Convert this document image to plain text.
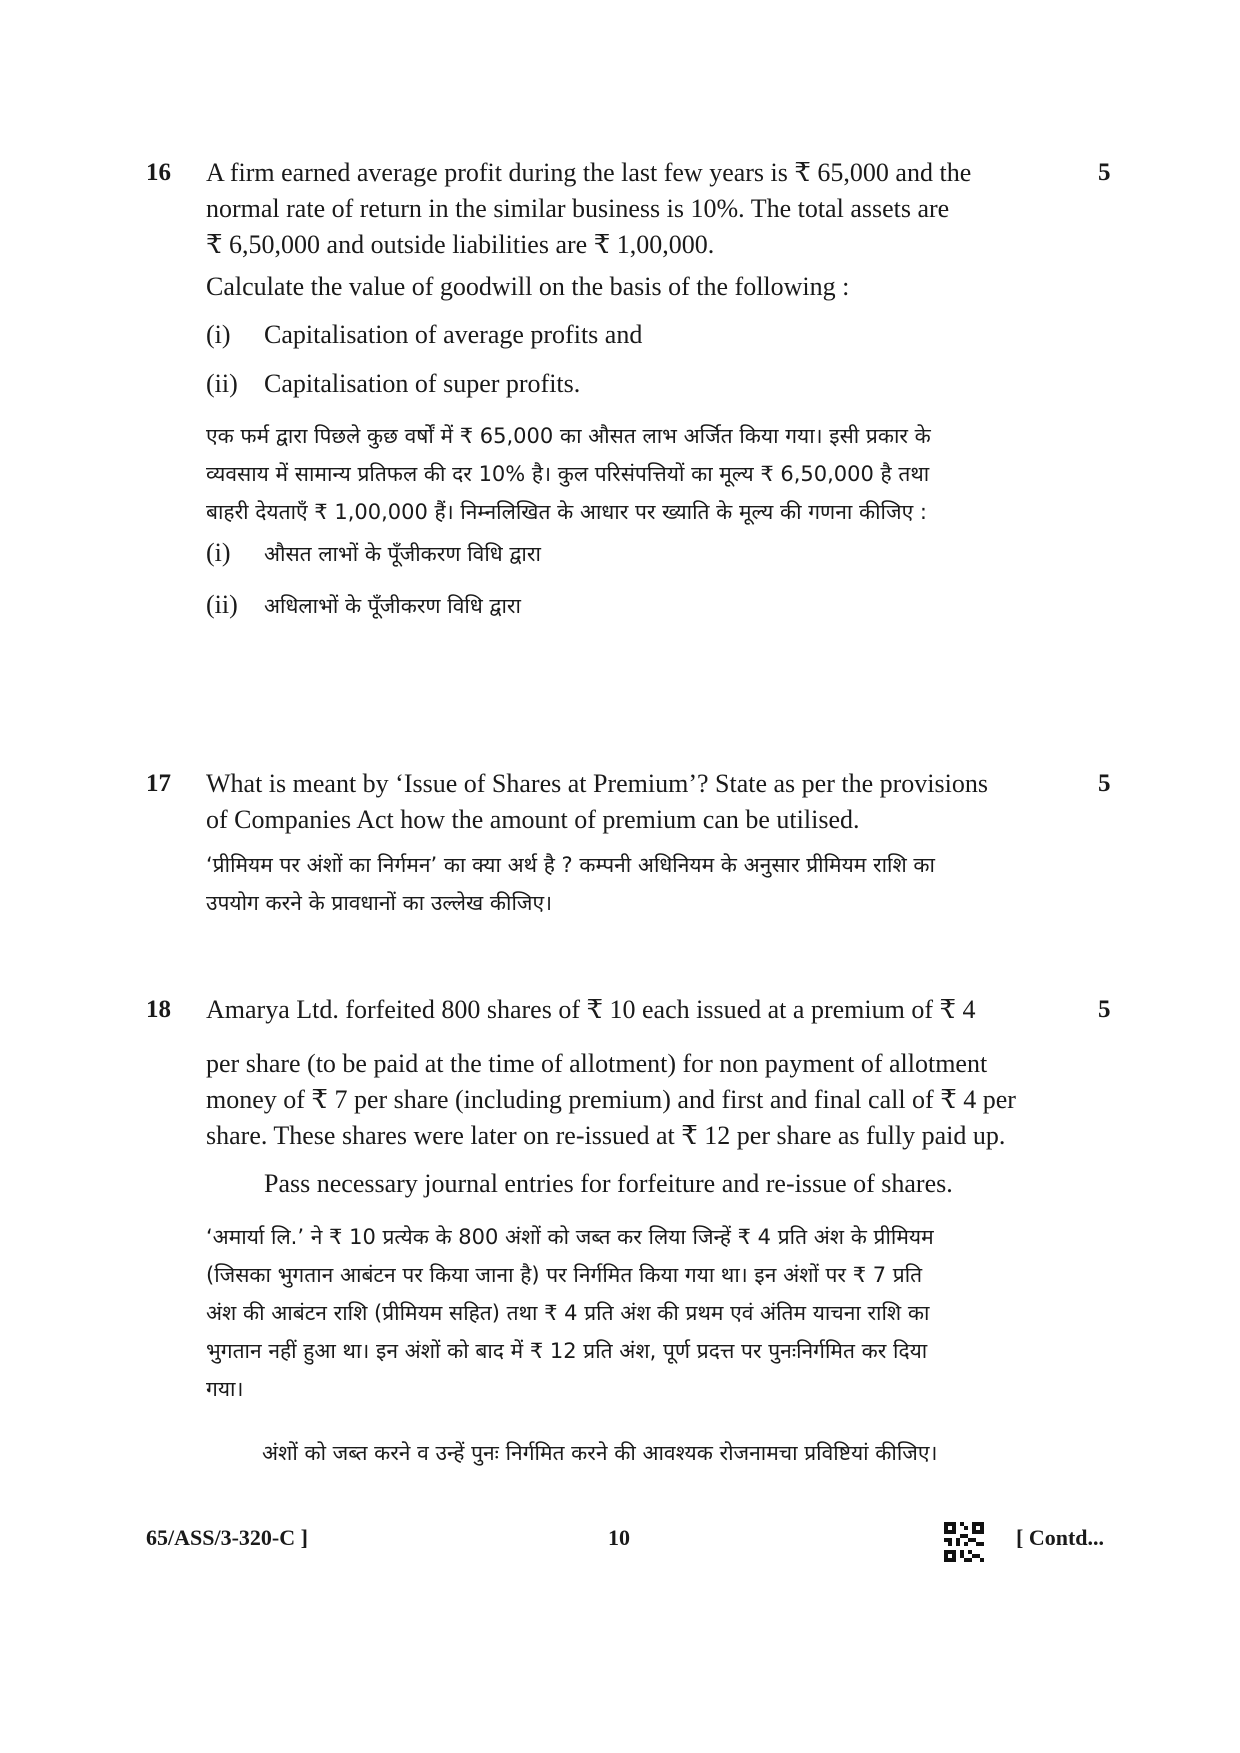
16	5
A firm earned average profit during the last few years is ₹ 65,000 and the
normal rate of return in the similar business is 10%. The total assets are
₹ 6,50,000 and outside liabilities are ₹ 1,00,000.
Calculate the value of goodwill on the basis of the following :
(i) Capitalisation of average profits and
(ii) Capitalisation of super profits.
एक फर्म द्वारा पिछले कुछ वर्षों में ₹ 65,000 का औसत लाभ अर्जित किया गया। इसी प्रकार के
व्यवसाय में सामान्य प्रतिफल की दर 10% है। कुल परिसंपत्तियों का मूल्य ₹ 6,50,000 है तथा
बाहरी देयताएँ ₹ 1,00,000 हैं। निम्नलिखित के आधार पर ख्याति के मूल्य की गणना कीजिए :
(i) औसत लाभों के पूँजीकरण विधि द्वारा
(ii) अधिलाभों के पूँजीकरण विधि द्वारा
17	5
What is meant by ‘Issue of Shares at Premium’? State as per the provisions
of Companies Act how the amount of premium can be utilised.
‘प्रीमियम पर अंशों का निर्गमन’ का क्या अर्थ है ? कम्पनी अधिनियम के अनुसार प्रीमियम राशि का
उपयोग करने के प्रावधानों का उल्लेख कीजिए।
18	5
Amarya Ltd. forfeited 800 shares of ₹ 10 each issued at a premium of ₹ 4
per share (to be paid at the time of allotment) for non payment of allotment
money of ₹ 7 per share (including premium) and first and final call of ₹ 4 per
share. These shares were later on re-issued at ₹ 12 per share as fully paid up.
Pass necessary journal entries for forfeiture and re-issue of shares.
‘अमार्या लि.’ ने ₹ 10 प्रत्येक के 800 अंशों को जब्त कर लिया जिन्हें ₹ 4 प्रति अंश के प्रीमियम
(जिसका भुगतान आबंटन पर किया जाना है) पर निर्गमित किया गया था। इन अंशों पर ₹ 7 प्रति
अंश की आबंटन राशि (प्रीमियम सहित) तथा ₹ 4 प्रति अंश की प्रथम एवं अंतिम याचना राशि का
भुगतान नहीं हुआ था। इन अंशों को बाद में ₹ 12 प्रति अंश, पूर्ण प्रदत्त पर पुनःनिर्गमित कर दिया
गया।
अंशों को जब्त करने व उन्हें पुनः निर्गमित करने की आवश्यक रोजनामचा प्रविष्टियां कीजिए।
65/ASS/3-320-C ]	10	[ Contd...
